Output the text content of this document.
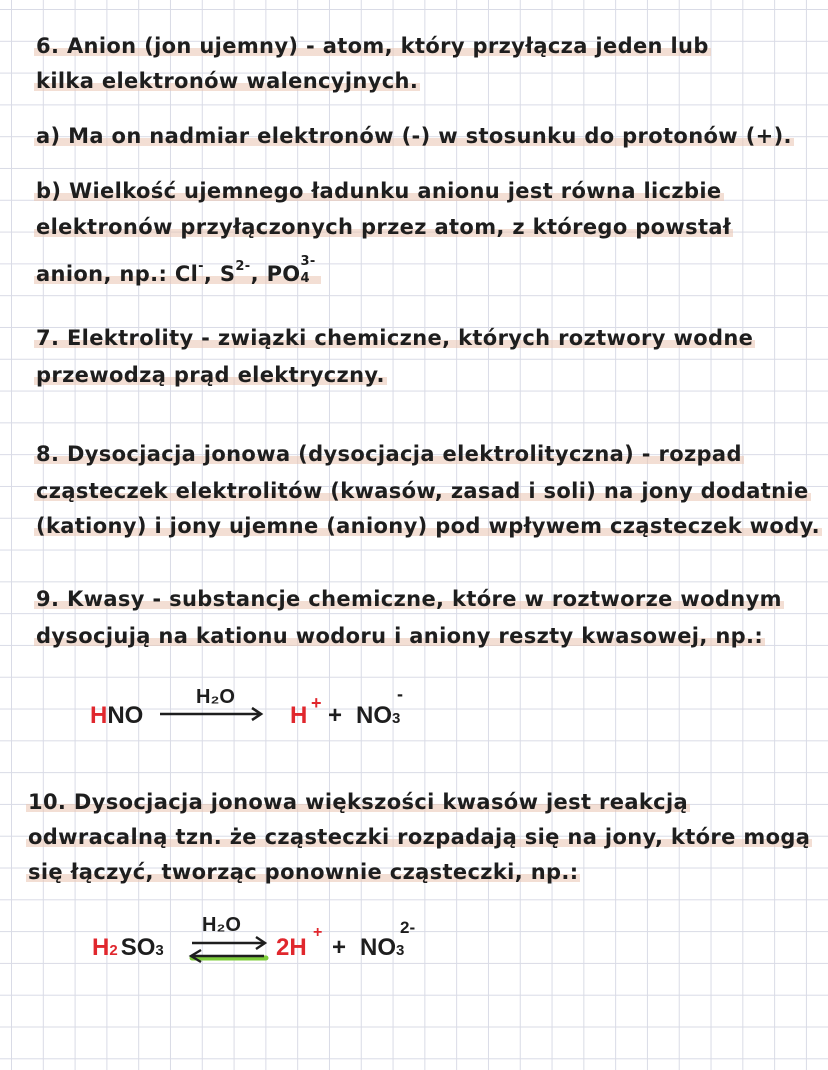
6. Anion (jon ujemny) - atom, który przyłącza jeden lub
kilka elektronów walencyjnych.
a) Ma on nadmiar elektronów (-) w stosunku do protonów (+).
b) Wielkość ujemnego ładunku anionu jest równa liczbie
elektronów przyłączonych przez atom, z którego powstał
anion, np.: Cl-, $S^{2-}$, PO
3-
4
7. Elektrolity - związki chemiczne, których roztwory wodne
przewodzą prąd elektryczny.
8. Dysocjacja jonowa (dysocjacja elektrolityczna) - rozpad
cząsteczek elektrolitów (kwasów, zasad i soli) na jony dodatnie
(kationy) i jony ujemne (aniony) pod wpływem cząsteczek wody.
9. Kwasy - substancje chemiczne, które w roztworze wodnym
dysocjują na kationu wodoru i aniony reszty kwasowej, np.:
HNO
H₂O
H + + NO3
-
10. Dysocjacja jonowa większości kwasów jest reakcją
odwracalną tzn. że cząsteczki rozpadają się na jony, które mogą
się łączyć, tworząc ponownie cząsteczki, np.:
H2 SO3
H₂O
2H
+
+ NO3
2-
